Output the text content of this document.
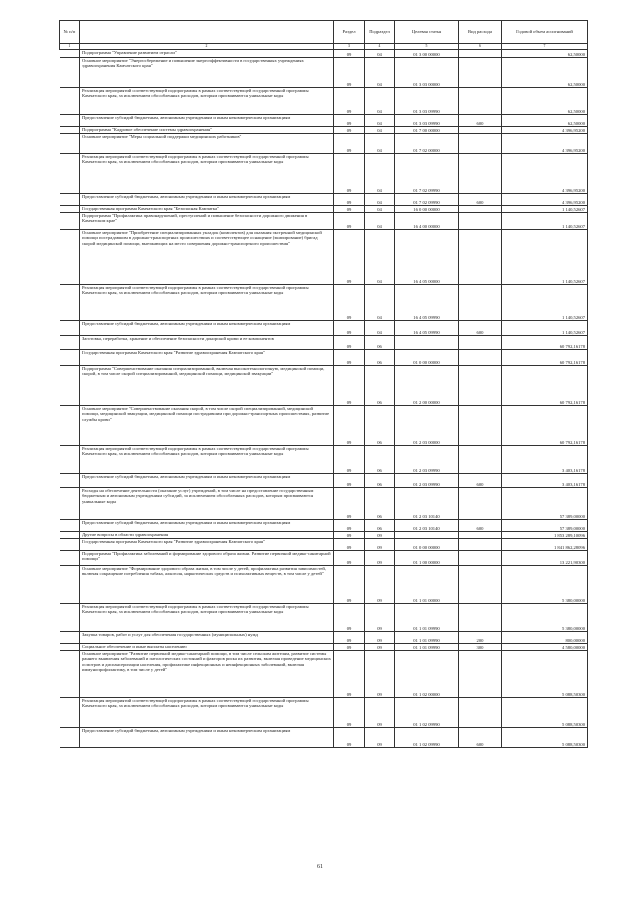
№ п/п		Раздел	Подраздел	Целевая статья	Вид расхода	Годовой объем ассигнований
1	2	3	4	5	6	7
	Подпрограмма "Управление развитием отрасли"	09	04	01 3 00 00000		62,50000
	Основное мероприятие "Энергосбережение и повышение энергоэффективности в государственных учреждениях здравоохранения Камчатского края"	09	04	01 3 03 00000		62,50000
	Реализация мероприятий соответствующей подпрограммы в рамках соответствующей государственной программы Камчатского края, за исключением обособленных расходов, которым присваиваются уникальные коды	09	04	01 3 03 09990		62,50000
	Предоставление субсидий бюджетным, автономным учреждениям и иным некоммерческим организациям	09	04	01 3 03 09990	600	62,50000
	Подпрограмма "Кадровое обеспечение системы здравоохранения"	09	04	01 7 00 00000		4 396,95200
	Основное мероприятие "Меры социальной поддержки медицинских работников"	09	04	01 7 02 00000		4 396,95200
	Реализация мероприятий соответствующей подпрограммы в рамках соответствующей государственной программы Камчатского края, за исключением обособленных расходов, которым присваиваются уникальные коды	09	04	01 7 02 09990		4 396,95200
	Предоставление субсидий бюджетным, автономным учреждениям и иным некоммерческим организациям	09	04	01 7 02 09990	600	4 396,95200
	Государственная программа Камчатского края "Безопасная Камчатка"	09	04	16 0 00 00000		1 140,52607
	Подпрограмма "Профилактика правонарушений, преступлений и повышение безопасности дорожного движения в Камчатском крае"	09	04	16 4 00 00000		1 140,52607
	Основное мероприятие "Приобретение специализированных укладок (комплектов) для оказания экстренной медицинской помощи пострадавшим в дорожно-транспортных происшествиях и соответствующее оснащение (экипирование) бригад скорой медицинской помощи, выезжающих на место совершения дорожно-транспортного происшествия"	09	04	16 4 05 00000		1 140,52607
	Реализация мероприятий соответствующей подпрограммы в рамках соответствующей государственной программы Камчатского края, за исключением обособленных расходов, которым присваиваются уникальные коды	09	04	16 4 05 09990		1 140,52607
	Предоставление субсидий бюджетным, автономным учреждениям и иным некоммерческим организациям	09	04	16 4 05 09990	600	1 140,52607
	Заготовка, переработка, хранение и обеспечение безопасности донорской крови и ее компонентов	09	06			60 792,16178
	Государственная программа Камчатского края "Развитие здравоохранения Камчатского края"	09	06	01 0 00 00000		60 792,16178
	Подпрограмма "Совершенствование оказания специализированной, включая высокотехнологичную, медицинской помощи, скорой, в том числе скорой специализированной, медицинской помощи, медицинской эвакуации"	09	06	01 2 00 00000		60 792,16178
	Основное мероприятие "Совершенствование оказания скорой, в том числе скорой специализированной, медицинской помощи, медицинской эвакуации, медицинской помощи пострадавшим при дорожно-транспортных происшествиях, развитие службы крови"	09	06	01 2 03 00000		60 792,16178
	Реализация мероприятий соответствующей подпрограммы в рамках соответствующей государственной программы Камчатского края, за исключением обособленных расходов, которым присваиваются уникальные коды	09	06	01 2 03 09990		3 403,16178
	Предоставление субсидий бюджетным, автономным учреждениям и иным некоммерческим организациям	09	06	01 2 03 09990	600	3 403,16178
	Расходы на обеспечение деятельности (оказание услуг) учреждений, в том числе на предоставление государственным бюджетным и автономным учреждениям субсидий, за исключением обособленных расходов, которым присваиваются уникальные коды	09	06	01 2 03 10140		57 389,00000
	Предоставление субсидий бюджетным, автономным учреждениям и иным некоммерческим организациям	09	06	01 2 03 10140	600	57 389,00000
	Другие вопросы в области здравоохранения	09	09			1 853 289,10096
	Государственная программа Камчатского края "Развитие здравоохранения Камчатского края"	09	09	01 0 00 00000		1 841 862,28096
	Подпрограмма "Профилактика заболеваний и формирование здорового образа жизни. Развитие первичной медико-санитарной помощи"	09	09	01 1 00 00000		13 221,90300
	Основное мероприятие "Формирование здорового образа жизни, в том числе у детей, профилактика развития зависимостей, включая сокращение потребления табака, алкоголя, наркотических средств и психоактивных веществ, в том числе у детей"	09	09	01 1 01 00000		5 380,00000
	Реализация мероприятий соответствующей подпрограммы в рамках соответствующей государственной программы Камчатского края, за исключением обособленных расходов, которым присваиваются уникальные коды	09	09	01 1 01 09990		5 380,00000
	Закупка товаров, работ и услуг для обеспечения государственных (муниципальных) нужд	09	09	01 1 01 09990	200	800,00000
	Социальное обеспечение и иные выплаты населению	09	09	01 1 01 09990	300	4 580,00000
	Основное мероприятие "Развитие первичной медико-санитарной помощи, в том числе сельским жителям, развитие системы раннего выявления заболеваний и патологических состояний и факторов риска их развития, включая проведение медицинских осмотров и диспансеризации населения, профилактике инфекционных и неинфекционных заболеваний, включая иммунопрофилактику, в том числе у детей"	09	09	01 1 02 00000		5 088,50300
	Реализация мероприятий соответствующей подпрограммы в рамках соответствующей государственной программы Камчатского края, за исключением обособленных расходов, которым присваиваются уникальные коды	09	09	01 1 02 09990		5 088,50300
	Предоставление субсидий бюджетным, автономным учреждениям и иным некоммерческим организациям	09	09	01 1 02 09990	600	5 088,50300
61
